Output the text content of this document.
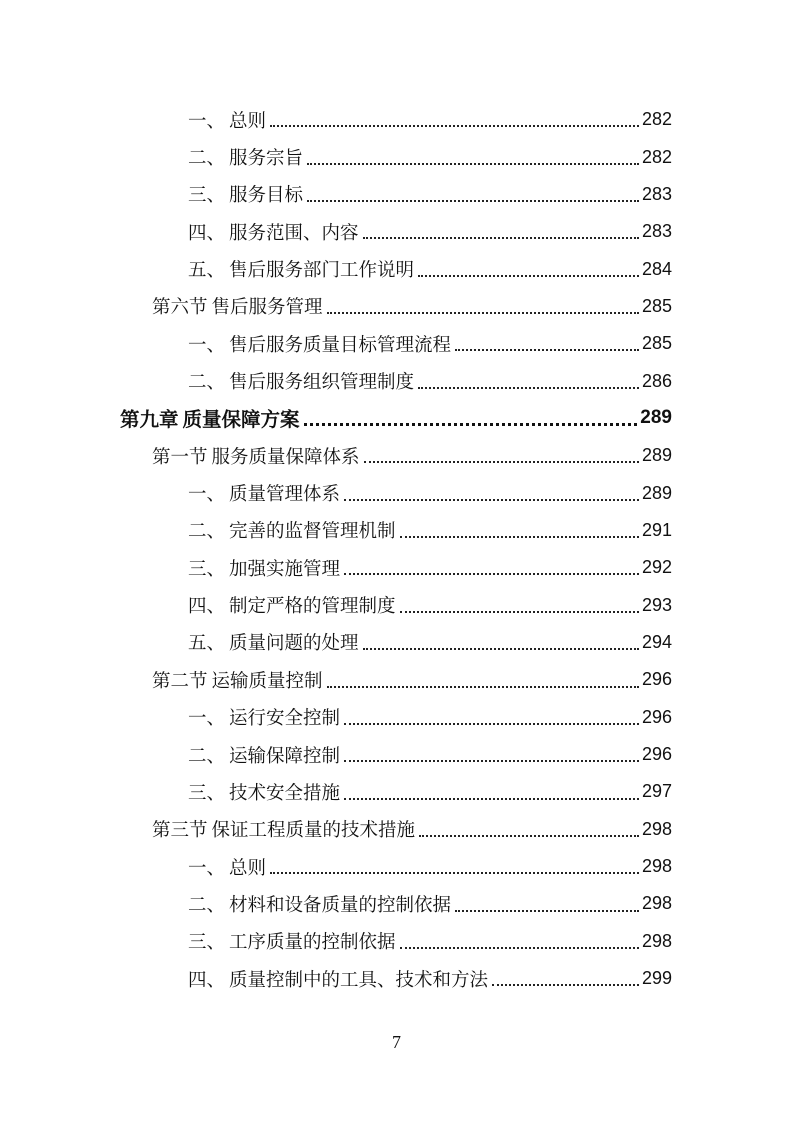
一、 总则	282
二、 服务宗旨	282
三、 服务目标	283
四、 服务范围、内容	283
五、 售后服务部门工作说明	284
第六节 售后服务管理	285
一、 售后服务质量目标管理流程	285
二、 售后服务组织管理制度	286
第九章 质量保障方案	289
第一节 服务质量保障体系	289
一、 质量管理体系	289
二、 完善的监督管理机制	291
三、 加强实施管理	292
四、 制定严格的管理制度	293
五、 质量问题的处理	294
第二节 运输质量控制	296
一、 运行安全控制	296
二、 运输保障控制	296
三、 技术安全措施	297
第三节 保证工程质量的技术措施	298
一、 总则	298
二、 材料和设备质量的控制依据	298
三、 工序质量的控制依据	298
四、 质量控制中的工具、技术和方法	299
7
